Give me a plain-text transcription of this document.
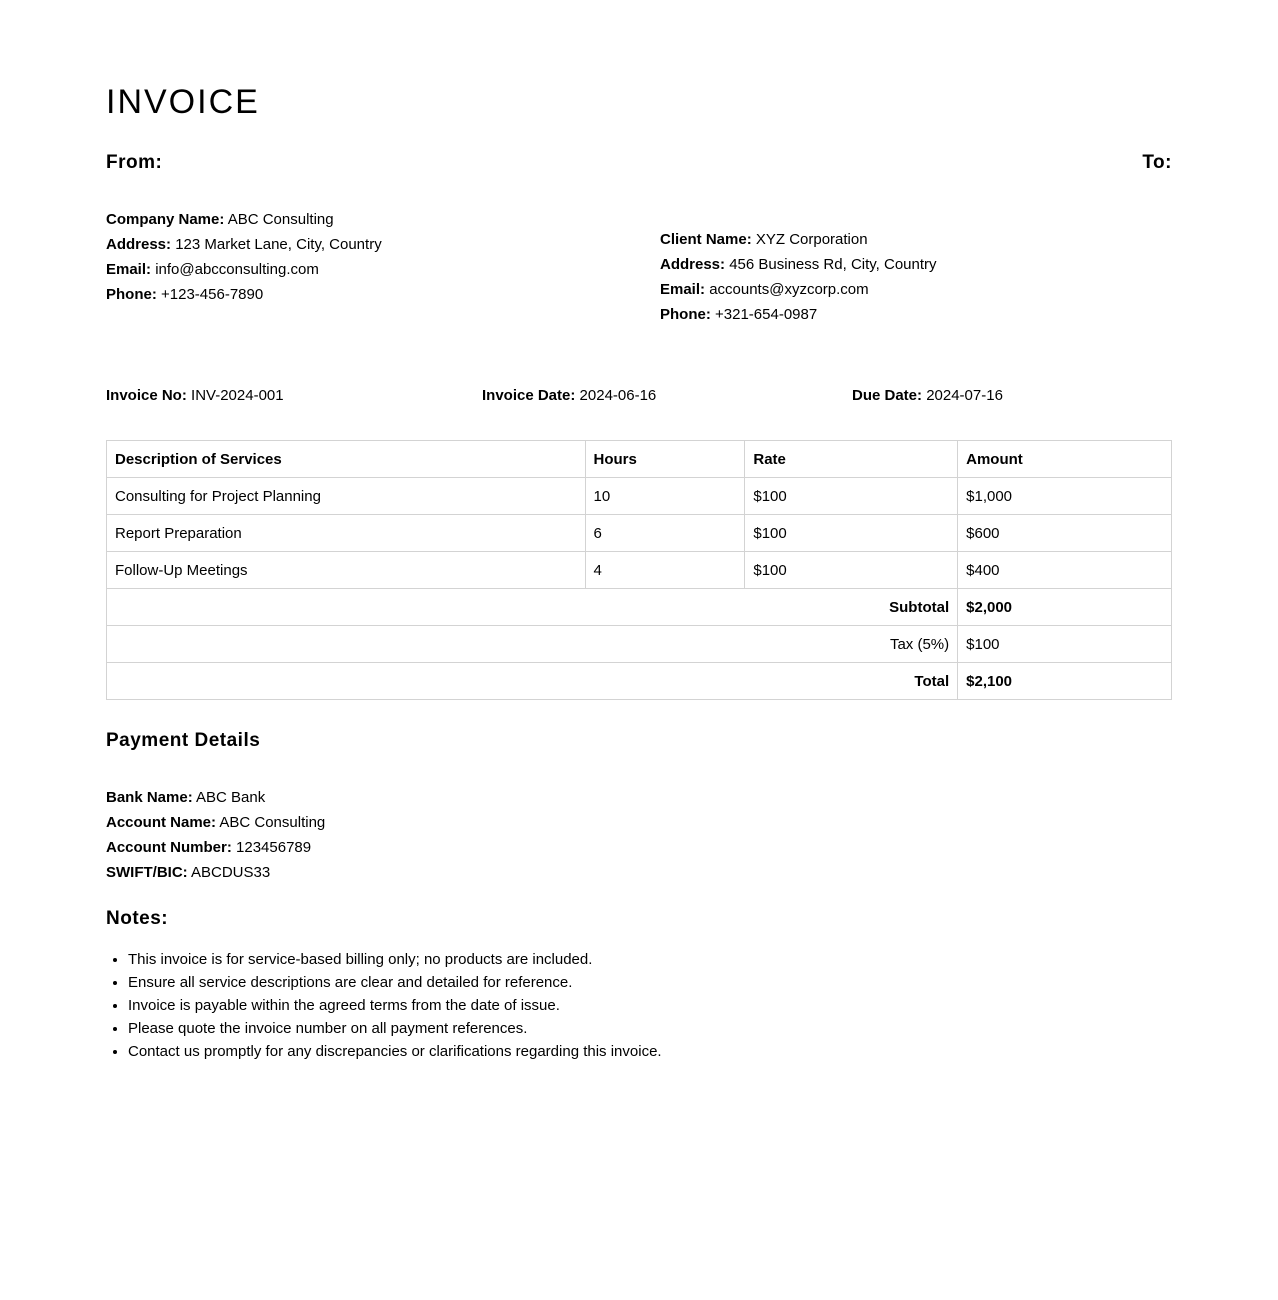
INVOICE
From:	To:
Company Name: ABC Consulting
Address: 123 Market Lane, City, Country
Email: info@abcconsulting.com
Phone: +123-456-7890
Client Name: XYZ Corporation
Address: 456 Business Rd, City, Country
Email: accounts@xyzcorp.com
Phone: +321-654-0987
Invoice No: INV-2024-001	Invoice Date: 2024-06-16	Due Date: 2024-07-16
Description of Services	Hours	Rate	Amount
Consulting for Project Planning	10	$100	$1,000
Report Preparation	6	$100	$600
Follow-Up Meetings	4	$100	$400
Subtotal			$2,000
Tax (5%)			$100
Total			$2,100
Payment Details
Bank Name: ABC Bank
Account Name: ABC Consulting
Account Number: 123456789
SWIFT/BIC: ABCDUS33
Notes:
• This invoice is for service-based billing only; no products are included.
• Ensure all service descriptions are clear and detailed for reference.
• Invoice is payable within the agreed terms from the date of issue.
• Please quote the invoice number on all payment references.
• Contact us promptly for any discrepancies or clarifications regarding this invoice.
